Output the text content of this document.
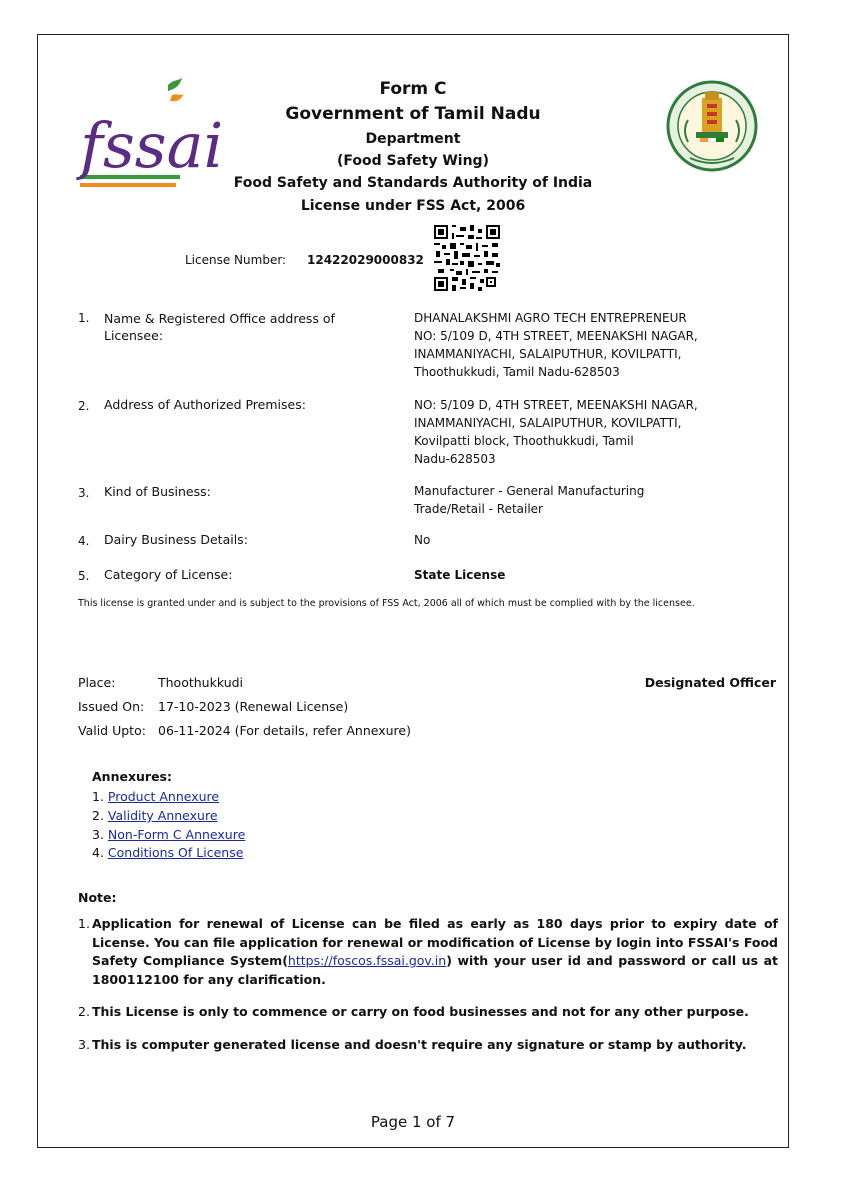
fssai
Form C
Government of Tamil Nadu
Department
(Food Safety Wing)
Food Safety and Standards Authority of India
License under FSS Act, 2006
License Number: 12422029000832
1. Name & Registered Office address of Licensee:
DHANALAKSHMI AGRO TECH ENTREPRENEUR
NO: 5/109 D, 4TH STREET, MEENAKSHI NAGAR,
INAMMANIYACHI, SALAIPUTHUR, KOVILPATTI,
Thoothukkudi, Tamil Nadu-628503
2. Address of Authorized Premises:	NO: 5/109 D, 4TH STREET, MEENAKSHI NAGAR,
INAMMANIYACHI, SALAIPUTHUR, KOVILPATTI,
Kovilpatti block, Thoothukkudi, Tamil
Nadu-628503
3. Kind of Business:	Manufacturer - General Manufacturing
Trade/Retail - Retailer
4. Dairy Business Details:	No
5. Category of License:	State License
This license is granted under and is subject to the provisions of FSS Act, 2006 all of which must be complied with by the licensee.
Place:	Thoothukkudi
Issued On: 17-10-2023 (Renewal License)
Valid Upto: 06-11-2024 (For details, refer Annexure)
Designated Officer
Annexures:
1. Product Annexure
2. Validity Annexure
3. Non-Form C Annexure
4. Conditions Of License
Note:
1. Application for renewal of License can be filed as early as 180 days prior to expiry date of License. You can file application for renewal or modification of License by login into FSSAI's Food Safety Compliance System(https://foscos.fssai.gov.in) with your user id and password or call us at 1800112100 for any clarification.
2. This License is only to commence or carry on food businesses and not for any other purpose.
3. This is computer generated license and doesn't require any signature or stamp by authority.
Page 1 of 7
